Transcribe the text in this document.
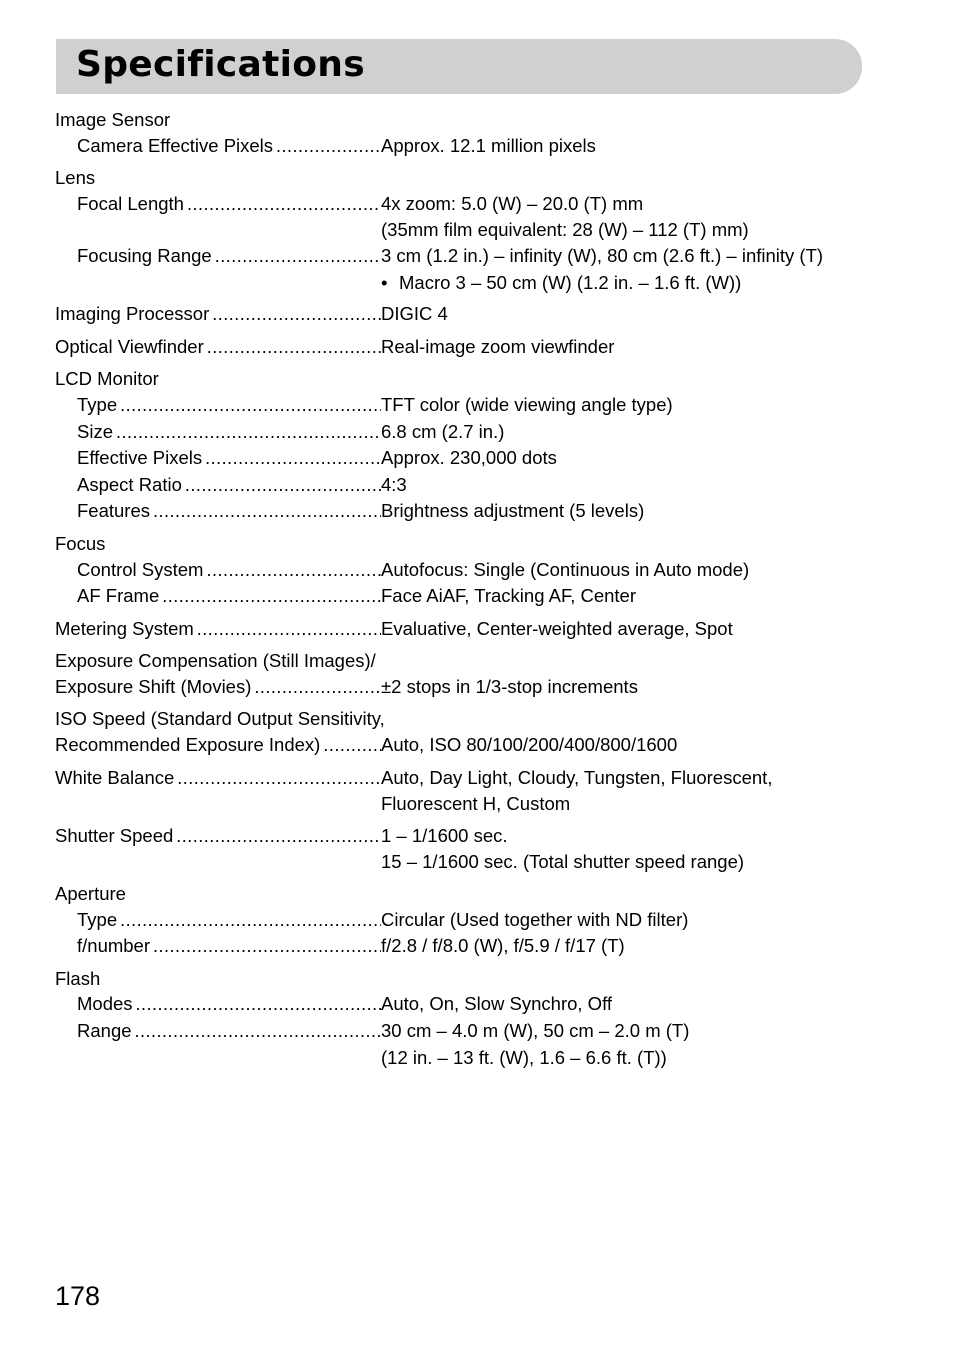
Specifications
Image Sensor
Camera Effective Pixels .....	Approx. 12.1 million pixels
Lens
Focal Length .....	4x zoom: 5.0 (W) – 20.0 (T) mm
(35mm film equivalent: 28 (W) – 112 (T) mm)
Focusing Range .....	3 cm (1.2 in.) – infinity (W), 80 cm (2.6 ft.) – infinity (T)
• Macro 3 – 50 cm (W) (1.2 in. – 1.6 ft. (W))
Imaging Processor .....	DIGIC 4
Optical Viewfinder .....	Real-image zoom viewfinder
LCD Monitor
Type .....	TFT color (wide viewing angle type)
Size .....	6.8 cm (2.7 in.)
Effective Pixels .....	Approx. 230,000 dots
Aspect Ratio .....	4:3
Features .....	Brightness adjustment (5 levels)
Focus
Control System .....	Autofocus: Single (Continuous in Auto mode)
AF Frame .....	Face AiAF, Tracking AF, Center
Metering System .....	Evaluative, Center-weighted average, Spot
Exposure Compensation (Still Images)/
Exposure Shift (Movies) .....	±2 stops in 1/3-stop increments
ISO Speed (Standard Output Sensitivity,
Recommended Exposure Index) .....	Auto, ISO 80/100/200/400/800/1600
White Balance .....	Auto, Day Light, Cloudy, Tungsten, Fluorescent,
Fluorescent H, Custom
Shutter Speed .....	1 – 1/1600 sec.
15 – 1/1600 sec. (Total shutter speed range)
Aperture
Type .....	Circular (Used together with ND filter)
f/number .....	f/2.8 / f/8.0 (W), f/5.9 / f/17 (T)
Flash
Modes .....	Auto, On, Slow Synchro, Off
Range .....	30 cm – 4.0 m (W), 50 cm – 2.0 m (T)
(12 in. – 13 ft. (W), 1.6 – 6.6 ft. (T))
178
